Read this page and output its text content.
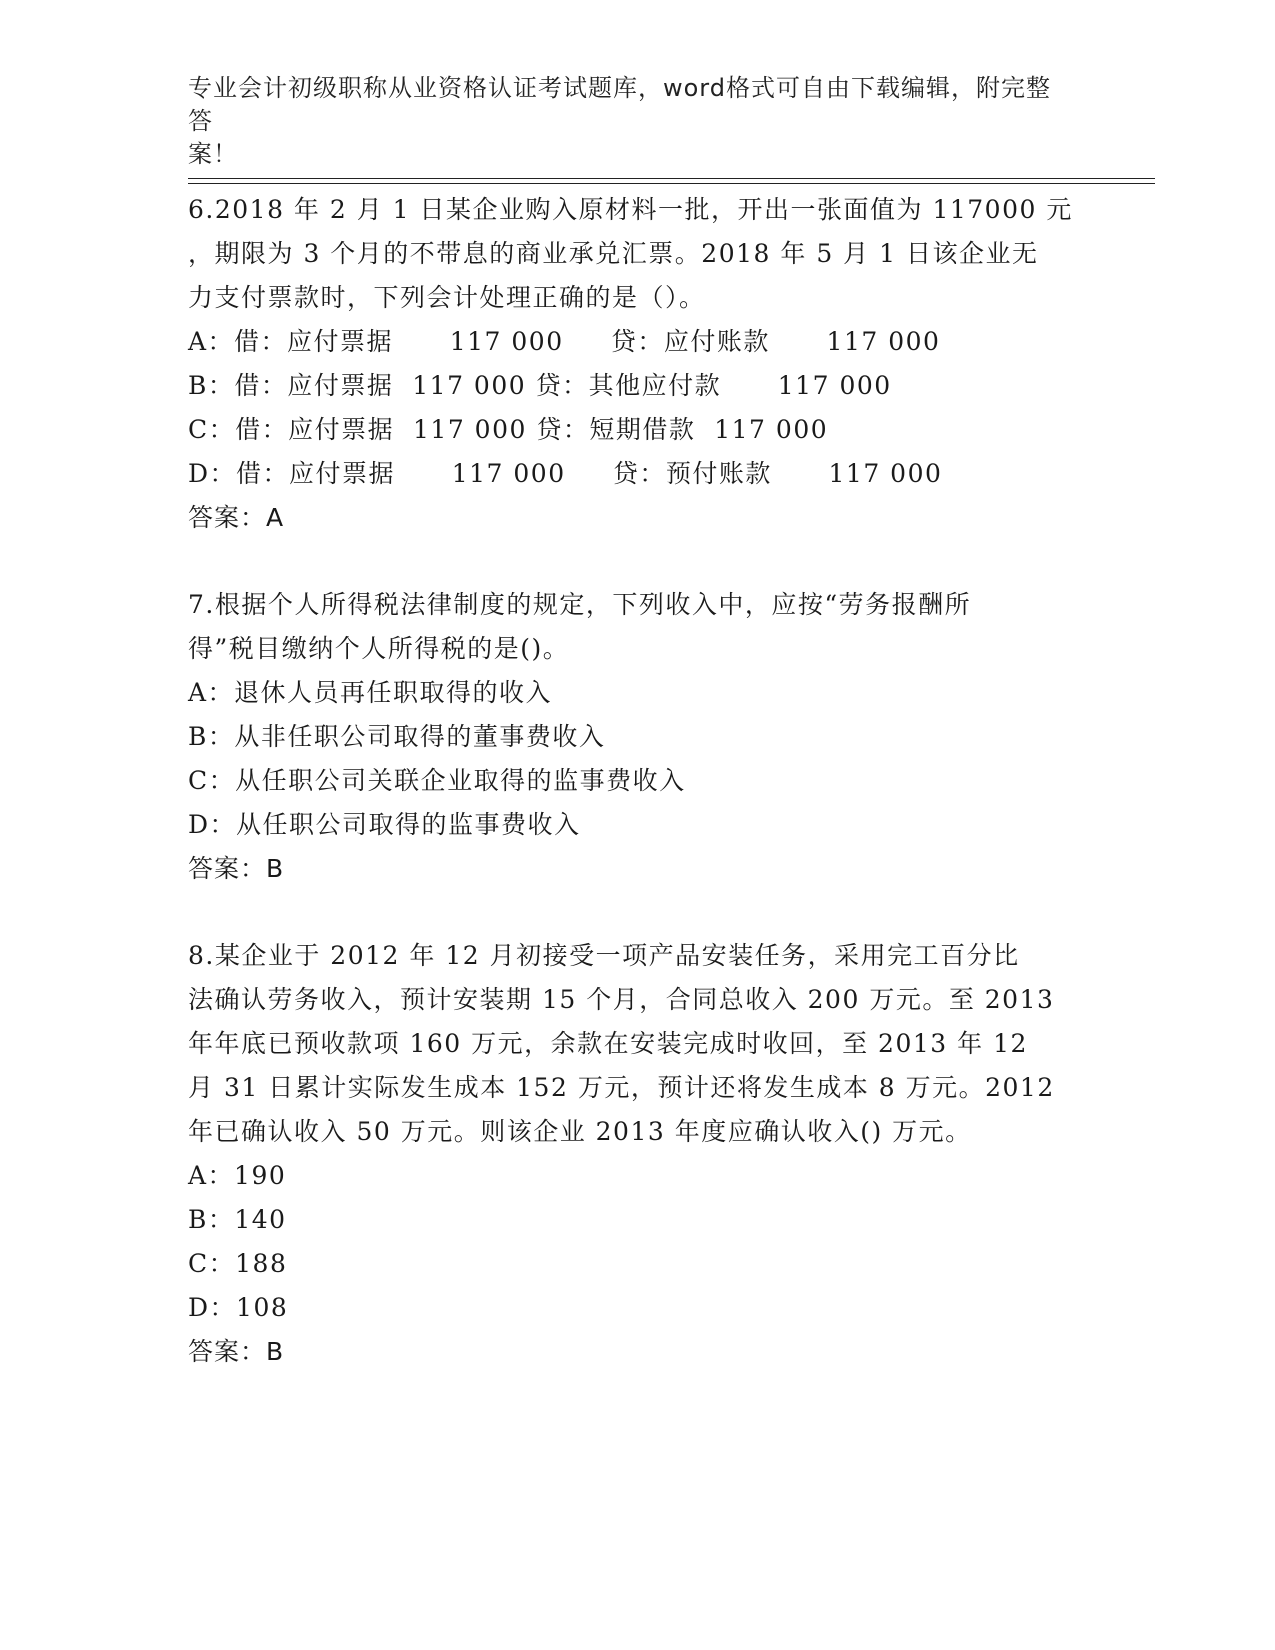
专业会计初级职称从业资格认证考试题库，word格式可自由下载编辑，附完整答
案！
6.2018 年 2 月 1 日某企业购入原材料一批，开出一张面值为 117000 元
，期限为 3 个月的不带息的商业承兑汇票。2018 年 5 月 1 日该企业无
力支付票款时，下列会计处理正确的是（）。
A：借：应付票据      117 000     贷：应付账款      117 000
B：借：应付票据  117 000 贷：其他应付款      117 000
C：借：应付票据  117 000 贷：短期借款  117 000
D：借：应付票据      117 000     贷：预付账款      117 000
答案：A
7.根据个人所得税法律制度的规定，下列收入中，应按“劳务报酬所
得”税目缴纳个人所得税的是()。
A：退休人员再任职取得的收入
B：从非任职公司取得的董事费收入
C：从任职公司关联企业取得的监事费收入
D：从任职公司取得的监事费收入
答案：B
8.某企业于 2012 年 12 月初接受一项产品安装任务，采用完工百分比
法确认劳务收入，预计安装期 15 个月，合同总收入 200 万元。至 2013
年年底已预收款项 160 万元，余款在安装完成时收回，至 2013 年 12
月 31 日累计实际发生成本 152 万元，预计还将发生成本 8 万元。2012
年已确认收入 50 万元。则该企业 2013 年度应确认收入() 万元。
A：190
B：140
C：188
D：108
答案：B
